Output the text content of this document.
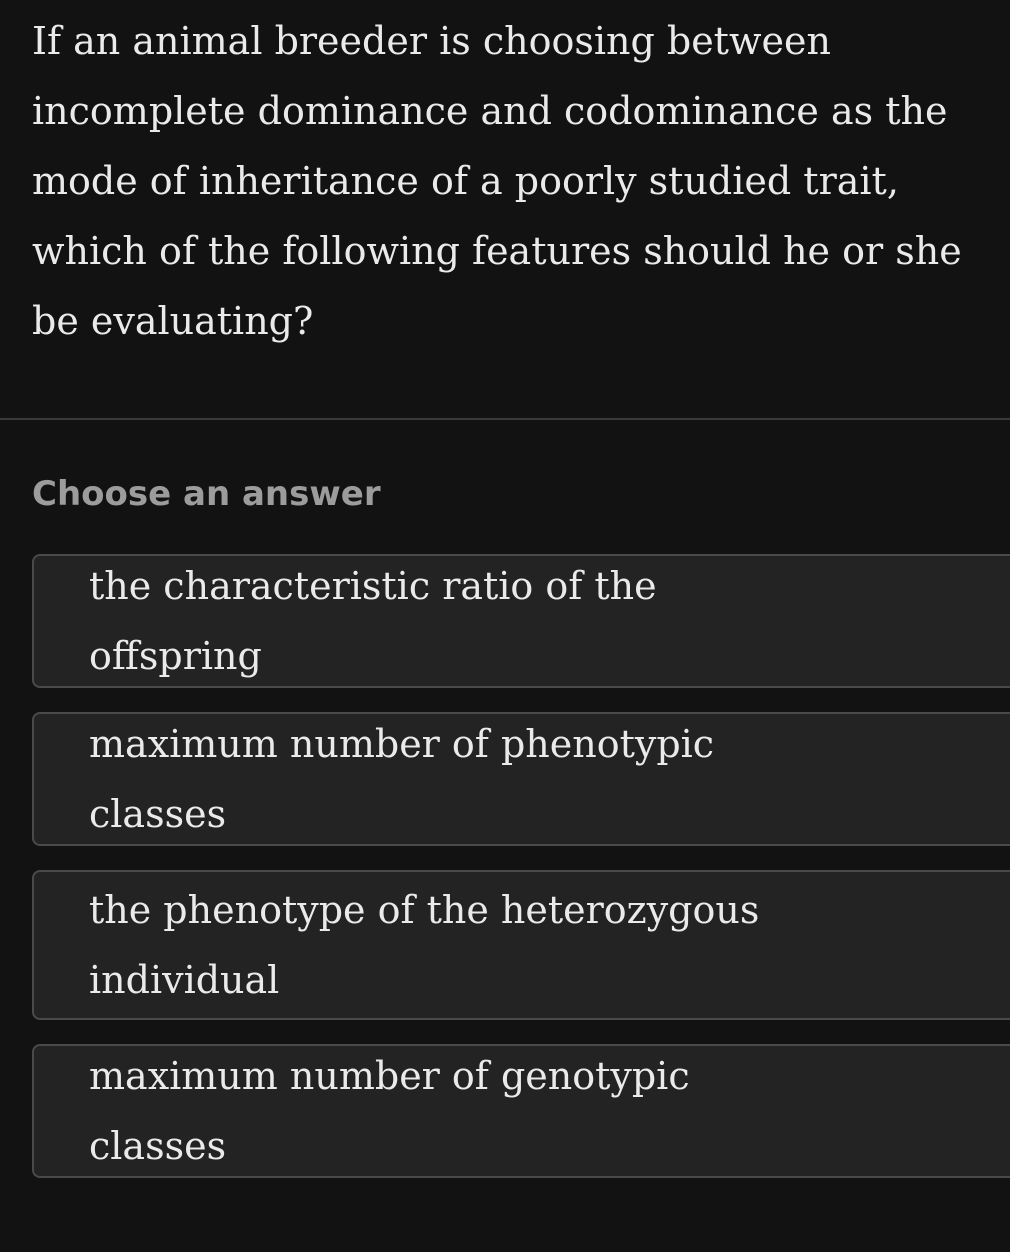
If an animal breeder is choosing between incomplete dominance and codominance as the mode of inheritance of a poorly studied trait, which of the following features should he or she be evaluating?

Choose an answer
the characteristic ratio of the offspring
maximum number of phenotypic classes
the phenotype of the heterozygous individual
maximum number of genotypic classes
